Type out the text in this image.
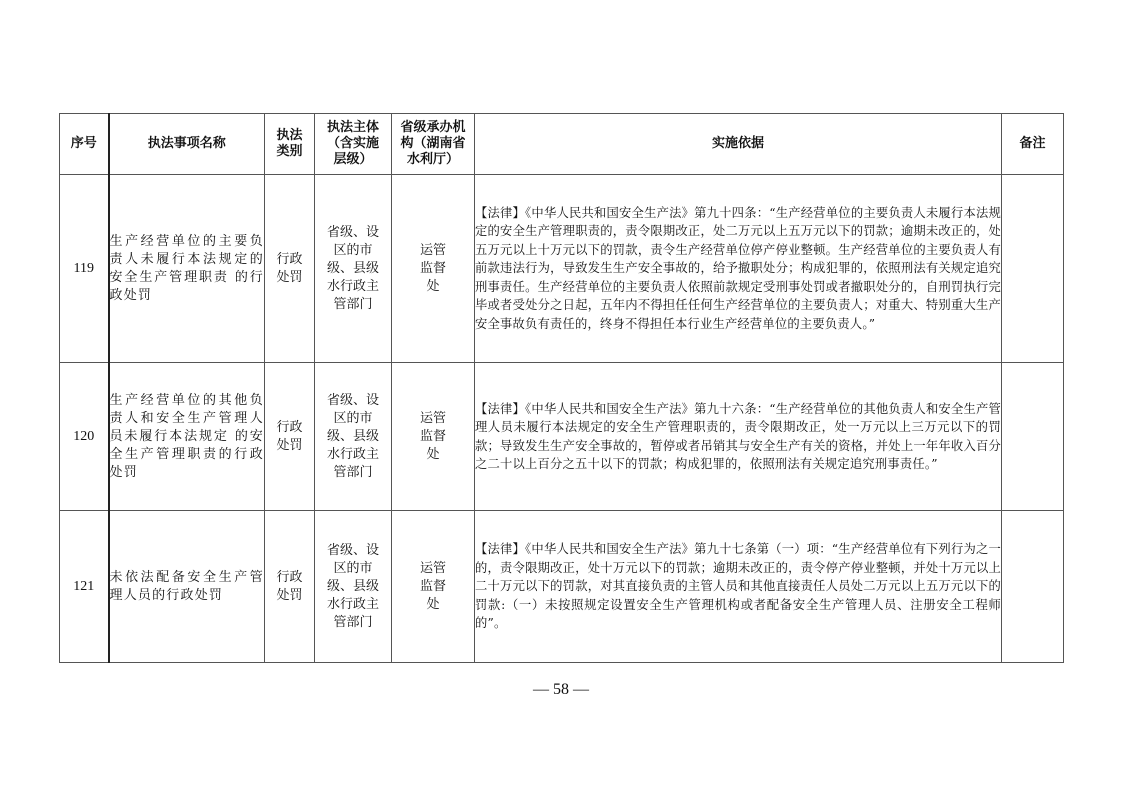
序号	执法事项名称	执法类别	执法主体（含实施层级）	省级承办机构（湖南省水利厅）	实施依据	备注
119	生产经营单位的主要负责人未履行本法规定的安全生产管理职责 的行政处罚	行政处罚	省级、设区的市级、县级水行政主管部门	运管监督处	【法律】《中华人民共和国安全生产法》第九十四条：“生产经营单位的主要负责人未履行本法规定的安全生产管理职责的，责令限期改正，处二万元以上五万元以下的罚款；逾期未改正的，处五万元以上十万元以下的罚款，责令生产经营单位停产停业整顿。生产经营单位的主要负责人有前款违法行为，导致发生生产安全事故的，给予撤职处分；构成犯罪的，依照刑法有关规定追究刑事责任。生产经营单位的主要负责人依照前款规定受刑事处罚或者撤职处分的，自刑罚执行完毕或者受处分之日起，五年内不得担任任何生产经营单位的主要负责人；对重大、特别重大生产安全事故负有责任的，终身不得担任本行业生产经营单位的主要负责人。”	
120	生产经营单位的其他负责人和安全生产管理人员未履行本法规定 的安全生产管理职责的行政处罚	行政处罚	省级、设区的市级、县级水行政主管部门	运管监督处	【法律】《中华人民共和国安全生产法》第九十六条：“生产经营单位的其他负责人和安全生产管理人员未履行本法规定的安全生产管理职责的，责令限期改正，处一万元以上三万元以下的罚款；导致发生生产安全事故的，暂停或者吊销其与安全生产有关的资格，并处上一年年收入百分之二十以上百分之五十以下的罚款；构成犯罪的，依照刑法有关规定追究刑事责任。”	
121	未依法配备安全生产管理人员的行政处罚	行政处罚	省级、设区的市级、县级水行政主管部门	运管监督处	【法律】《中华人民共和国安全生产法》第九十七条第（一）项：“生产经营单位有下列行为之一的，责令限期改正，处十万元以下的罚款；逾期未改正的，责令停产停业整顿，并处十万元以上二十万元以下的罚款，对其直接负责的主管人员和其他直接责任人员处二万元以上五万元以下的罚款:（一）未按照规定设置安全生产管理机构或者配备安全生产管理人员、注册安全工程师的”。	
— 58 —
